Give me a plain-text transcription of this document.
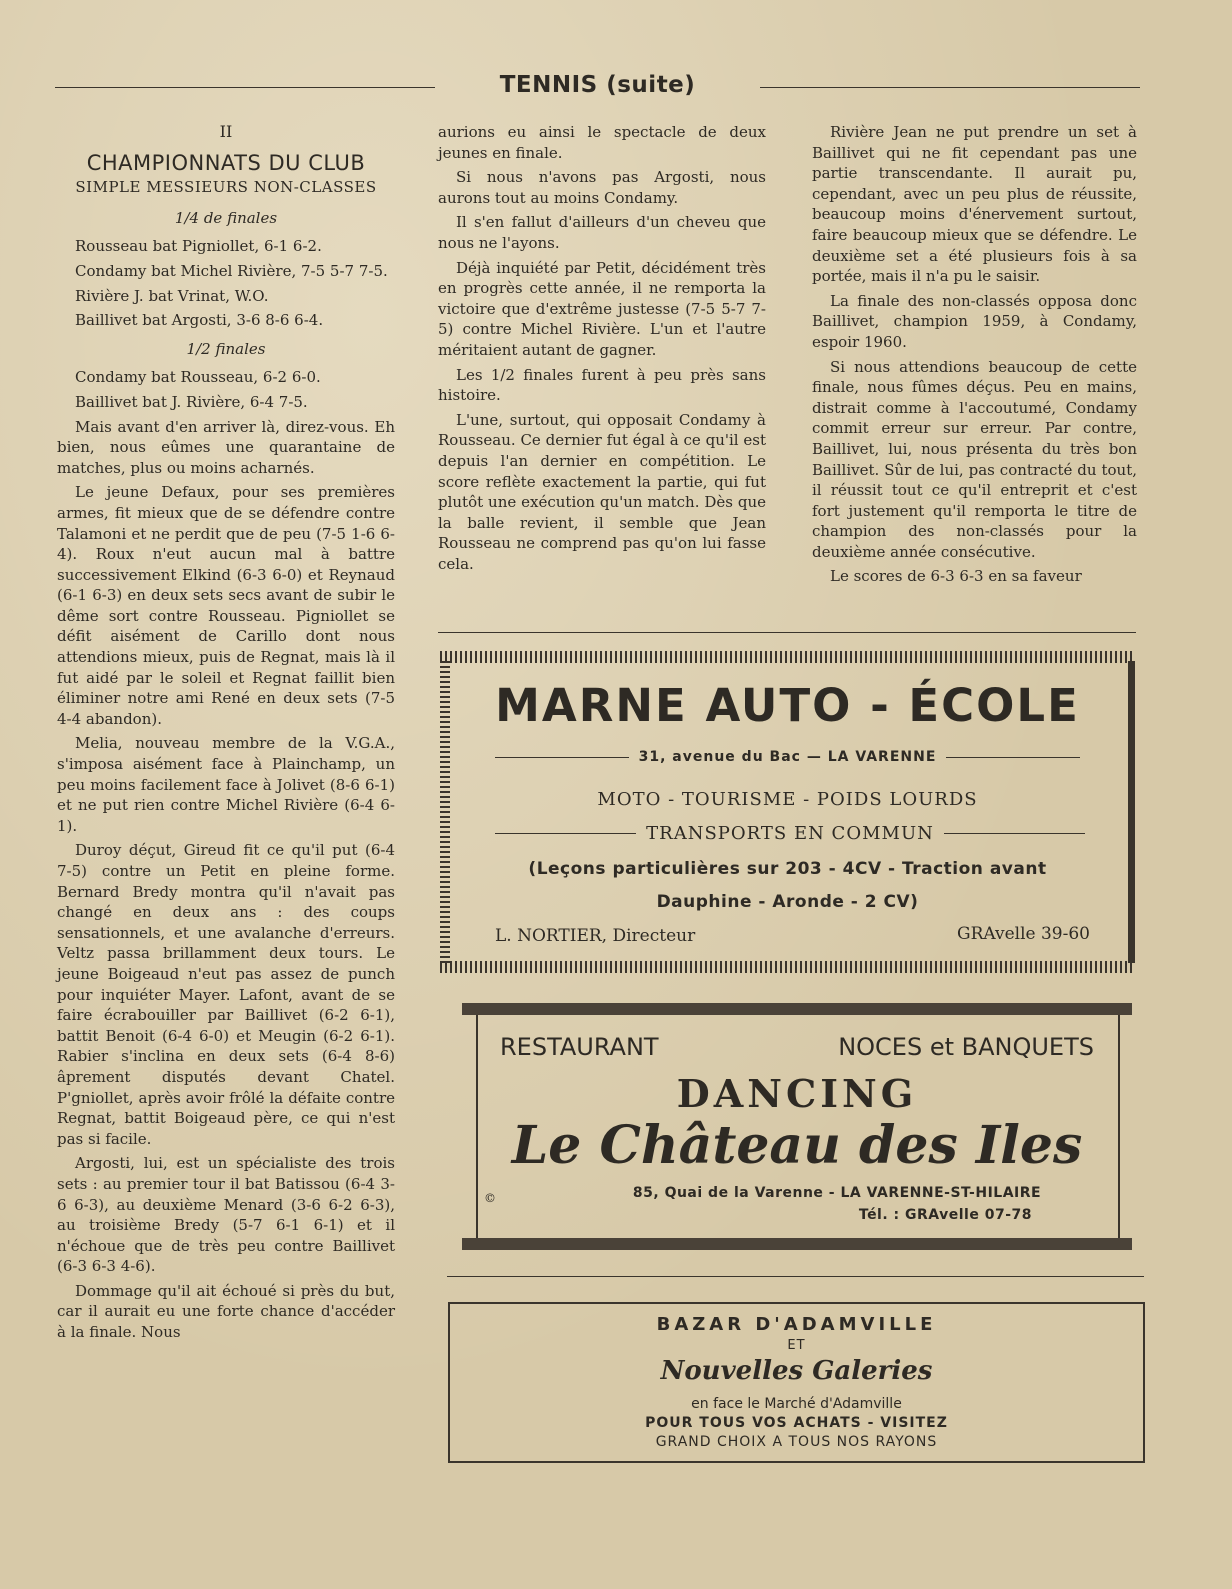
TENNIS (suite)
II
CHAMPIONNATS DU CLUB
SIMPLE MESSIEURS NON-CLASSES
1/4 de finales

Rousseau bat Pigniollet, 6-1 6-2.

Condamy bat Michel Rivière, 7-5 5-7 7-5.

Rivière J. bat Vrinat, W.O.

Baillivet bat Argosti, 3-6 8-6 6-4.

1/2 finales

Condamy bat Rousseau, 6-2 6-0.

Baillivet bat J. Rivière, 6-4 7-5.

Mais avant d'en arriver là, direz-vous. Eh bien, nous eûmes une quarantaine de matches, plus ou moins acharnés.

Le jeune Defaux, pour ses premières armes, fit mieux que de se défendre contre Talamoni et ne perdit que de peu (7-5 1-6 6-4). Roux n'eut aucun mal à battre successivement Elkind (6-3 6-0) et Reynaud (6-1 6-3) en deux sets secs avant de subir le dême sort contre Rousseau. Pigniollet se défit aisément de Carillo dont nous attendions mieux, puis de Regnat, mais là il fut aidé par le soleil et Regnat faillit bien éliminer notre ami René en deux sets (7-5 4-4 abandon).

Melia, nouveau membre de la V.G.A., s'imposa aisément face à Plainchamp, un peu moins facilement face à Jolivet (8-6 6-1) et ne put rien contre Michel Rivière (6-4 6-1).

Duroy déçut, Gireud fit ce qu'il put (6-4 7-5) contre un Petit en pleine forme. Bernard Bredy montra qu'il n'avait pas changé en deux ans : des coups sensationnels, et une avalanche d'erreurs. Veltz passa brillamment deux tours. Le jeune Boigeaud n'eut pas assez de punch pour inquiéter Mayer. Lafont, avant de se faire écrabouiller par Baillivet (6-2 6-1), battit Benoit (6-4 6-0) et Meugin (6-2 6-1). Rabier s'inclina en deux sets (6-4 8-6) âprement disputés devant Chatel. P'gniollet, après avoir frôlé la défaite contre Regnat, battit Boigeaud père, ce qui n'est pas si facile.

Argosti, lui, est un spécialiste des trois sets : au premier tour il bat Batissou (6-4 3-6 6-3), au deuxième Menard (3-6 6-2 6-3), au troisième Bredy (5-7 6-1 6-1) et il n'échoue que de très peu contre Baillivet (6-3 6-3 4-6).

Dommage qu'il ait échoué si près du but, car il aurait eu une forte chance d'accéder à la finale. Nous

aurions eu ainsi le spectacle de deux jeunes en finale.

Si nous n'avons pas Argosti, nous aurons tout au moins Condamy.

Il s'en fallut d'ailleurs d'un cheveu que nous ne l'ayons.

Déjà inquiété par Petit, décidément très en progrès cette année, il ne remporta la victoire que d'extrême justesse (7-5 5-7 7-5) contre Michel Rivière. L'un et l'autre méritaient autant de gagner.

Les 1/2 finales furent à peu près sans histoire.

L'une, surtout, qui opposait Condamy à Rousseau. Ce dernier fut égal à ce qu'il est depuis l'an dernier en compétition. Le score reflète exactement la partie, qui fut plutôt une exécution qu'un match. Dès que la balle revient, il semble que Jean Rousseau ne comprend pas qu'on lui fasse cela.

Rivière Jean ne put prendre un set à Baillivet qui ne fit cependant pas une partie transcendante. Il aurait pu, cependant, avec un peu plus de réussite, beaucoup moins d'énervement surtout, faire beaucoup mieux que se défendre. Le deuxième set a été plusieurs fois à sa portée, mais il n'a pu le saisir.

La finale des non-classés opposa donc Baillivet, champion 1959, à Condamy, espoir 1960.

Si nous attendions beaucoup de cette finale, nous fûmes déçus. Peu en mains, distrait comme à l'accoutumé, Condamy commit erreur sur erreur. Par contre, Baillivet, lui, nous présenta du très bon Baillivet. Sûr de lui, pas contracté du tout, il réussit tout ce qu'il entreprit et c'est fort justement qu'il remporta le titre de champion des non-classés pour la deuxième année consécutive.

Le scores de 6-3 6-3 en sa faveur

MARNE AUTO - ÉCOLE
31, avenue du Bac — LA VARENNE
MOTO - TOURISME - POIDS LOURDS
TRANSPORTS EN COMMUN
(Leçons particulières sur 203 - 4CV - Traction avant
Dauphine - Aronde - 2 CV)
L. NORTIER, Directeur	GRAvelle 39-60
RESTAURANT	NOCES et BANQUETS
DANCING
Le Château des Iles
©	85, Quai de la Varenne - LA VARENNE-ST-HILAIRE
Tél. : GRAvelle 07-78
BAZAR D'ADAMVILLE
ET
Nouvelles Galeries
en face le Marché d'Adamville
POUR TOUS VOS ACHATS - VISITEZ
GRAND CHOIX A TOUS NOS RAYONS
